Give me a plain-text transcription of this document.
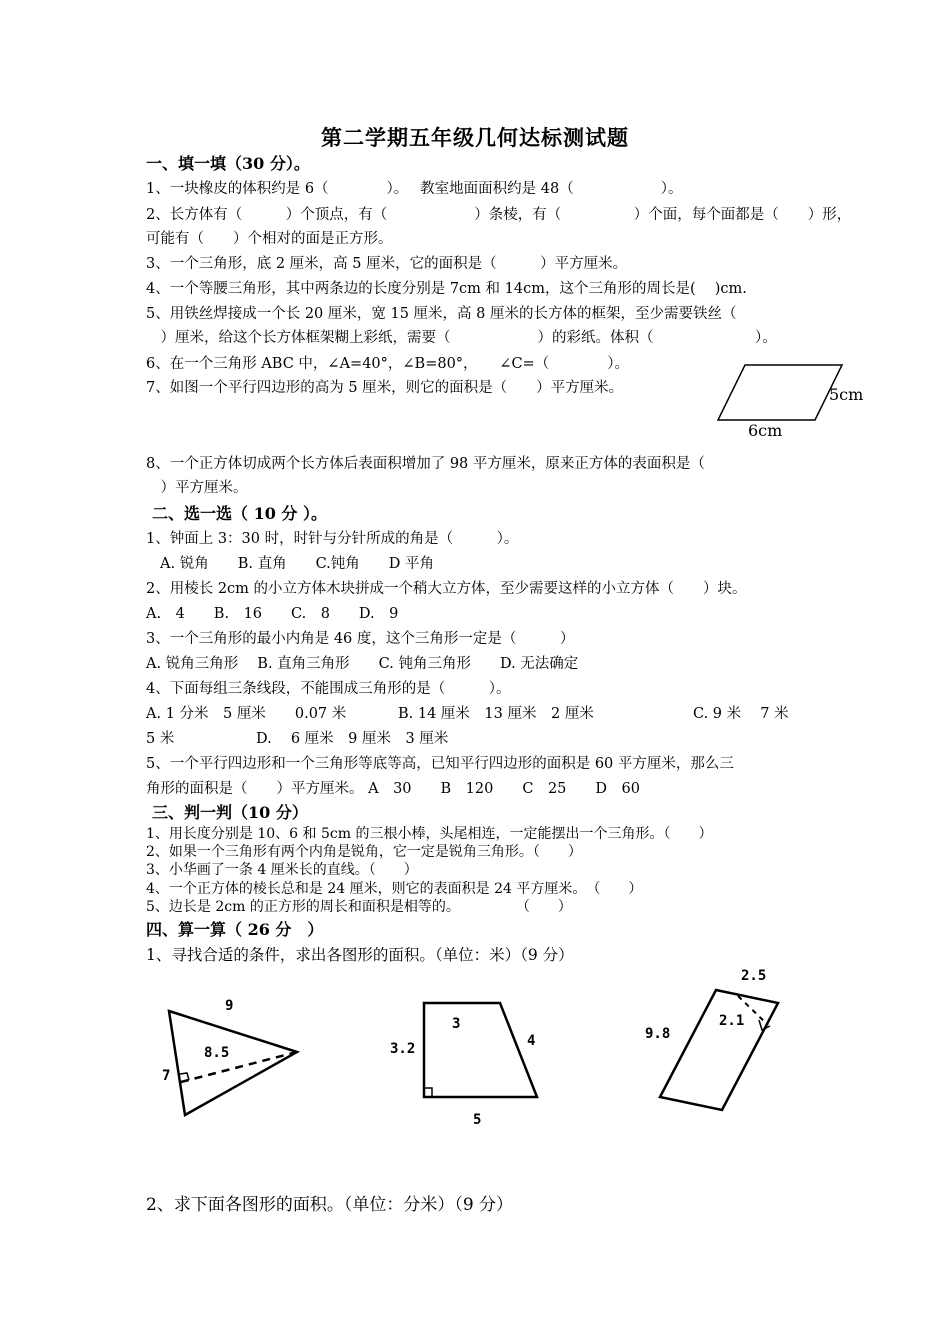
第二学期五年级几何达标测试题
一、填一填（30 分）。
1、一块橡皮的体积约是 6（　　　　）。　 教室地面面积约是 48（　　　　　　）。
2、长方体有（　　　）个顶点，有（　　　　　　）条棱，有（　　　　　）个面，每个面都是（　　）形，
可能有（　　）个相对的面是正方形。
3、一个三角形，底 2 厘米，高 5 厘米，它的面积是（　　　）平方厘米。
4、一个等腰三角形，其中两条边的长度分别是 7cm 和 14cm，这个三角形的周长是(　 )cm.
5、用铁丝焊接成一个长 20 厘米，宽 15 厘米，高 8 厘米的长方体的框架，至少需要铁丝（
　）厘米，给这个长方体框架糊上彩纸，需要（　　　　　　）的彩纸。体积（　　　　　　　）。
6、在一个三角形 ABC 中，∠A=40°，∠B=80°，　　∠C=（　　　　）。
7、如图一个平行四边形的高为 5 厘米，则它的面积是（　　）平方厘米。	5cm
6cm
8、一个正方体切成两个长方体后表面积增加了 98 平方厘米，原来正方体的表面积是（
　）平方厘米。
二、选一选（ 10 分 ）。
1、钟面上 3：30 时，时针与分针所成的角是（　　　）。
A. 锐角　　B. 直角　　C.钝角　　D 平角
2、用棱长 2cm 的小立方体木块拼成一个稍大立方体，至少需要这样的小立方体（　　）块。
A.　4　　B.　16　　C.　8　　D.　9
3、一个三角形的最小内角是 46 度，这个三角形一定是（　　　）
A. 锐角三角形　 B. 直角三角形　　C. 钝角三角形　　D. 无法确定
4、下面每组三条线段，不能围成三角形的是（　　　）。
A. 1 分米　5 厘米　　0.07 米	B. 14 厘米　13 厘米　2 厘米	C. 9 米　 7 米
5 米	D.　 6 厘米　9 厘米　3 厘米
5、一个平行四边形和一个三角形等底等高，已知平行四边形的面积是 60 平方厘米，那么三
角形的面积是（　　）平方厘米。 A　30　　B　120　　C　25　　D　60
三、判一判（10 分）
1、用长度分别是 10、6 和 5cm 的三根小棒，头尾相连，一定能摆出一个三角形。（　　）
2、如果一个三角形有两个内角是锐角，它一定是锐角三角形。（　　）
3、小华画了一条 4 厘米长的直线。（　　）
4、一个正方体的棱长总和是 24 厘米，则它的表面积是 24 平方厘米。　（　　）
5、边长是 2cm 的正方形的周长和面积是相等的。　　　　　（　　）
四、算一算（ 26 分　）
1、寻找合适的条件，求出各图形的面积。（单位：米）（9 分）
9
8.5
7
3
3.2	4
5
2.5
2.1
9.8
2、求下面各图形的面积。（单位：分米）（9 分）
